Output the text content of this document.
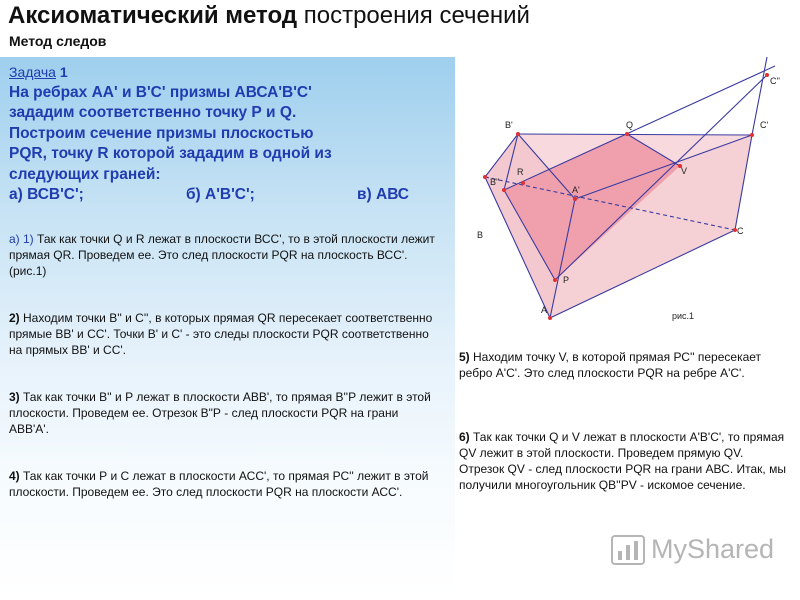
Аксиоматический метод построения сечений
Метод следов
Задача 1
На ребрах АА' и В'С' призмы АВСА'В'С'
зададим соответственно точку Р и Q.
Построим сечение призмы плоскостью
PQR, точку R которой зададим в одной из
следующих граней:
а) ВСВ'С';	б) А'В'С';	в) АВС
а) 1) Так как точки Q и R лежат в плоскости ВСС', то в этой плоскости лежит прямая QR. Проведем ее. Это след плоскости PQR на плоскость ВСС'. (рис.1)
2) Находим точки В'' и С'', в которых прямая QR пересекает соответственно прямые ВВ' и СС'. Точки В' и С' - это следы плоскости PQR соответственно на прямых ВВ' и СС'.
3) Так как точки В'' и Р лежат в плоскости АВВ', то прямая В''Р лежит в этой плоскости. Проведем ее. Отрезок В"Р - след плоскости PQR на грани АВВ'А'.
4) Так как точки Р и С лежат в плоскости АСС', то прямая РС'' лежит в этой плоскости. Проведем ее. Это след плоскости PQR на плоскости АСС'.
C''
B'	Q	C'
R	V
B''
A'
B	C
P
A
рис.1
5) Находим точку V, в которой прямая РС'' пересекает ребро А'С'. Это след плоскости PQR на ребре А'С'.
6) Так как точки Q и V лежат в плоскости А'В'С', то прямая QV лежит в этой плоскости. Проведем прямую QV. Отрезок QV - след плоскости PQR на грани АВС. Итак, мы получили многоугольник QB''PV - искомое сечение.
MyShared
